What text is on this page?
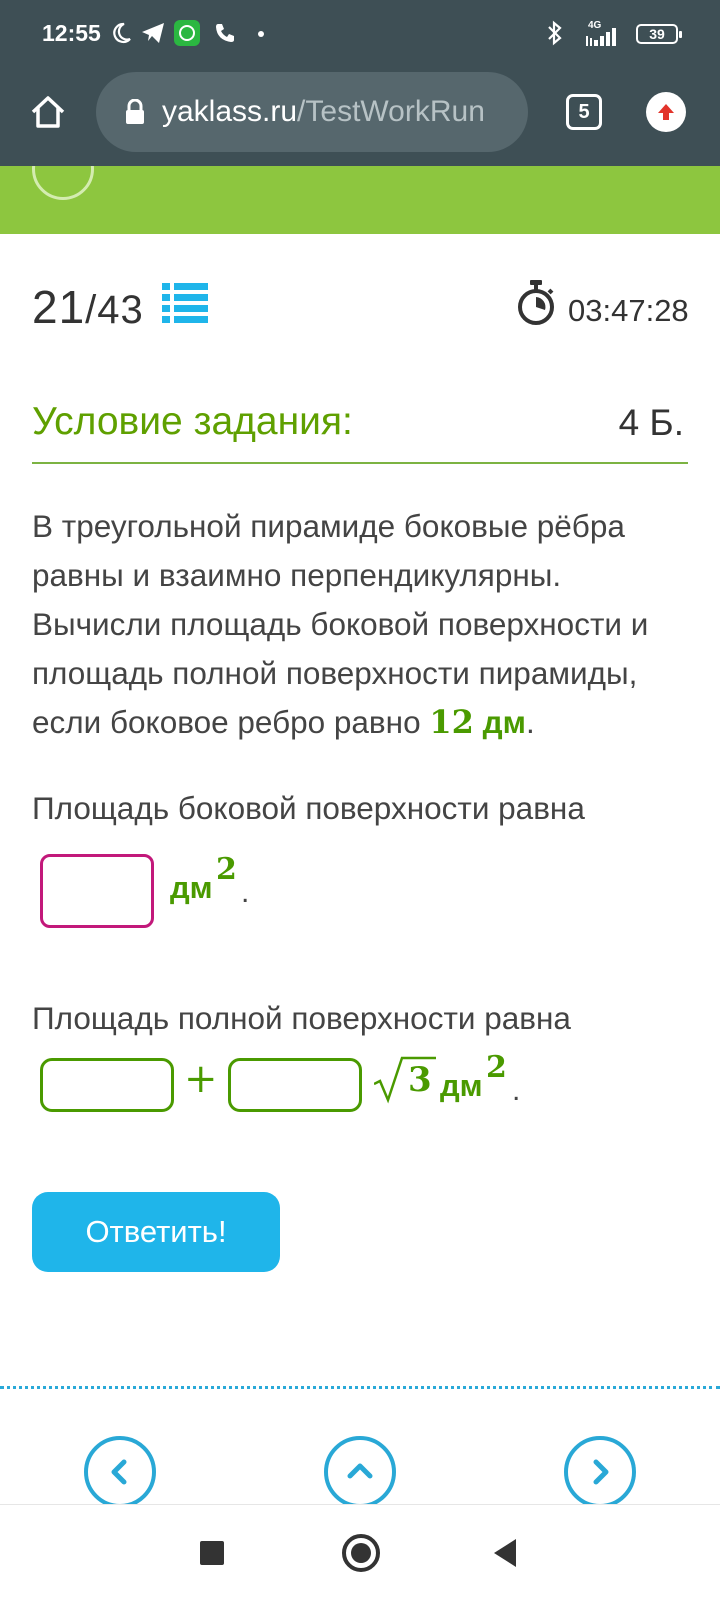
12:55	4G
39
yaklass.ru /TestWorkRun	5
21/43	03:47:28
Условие задания:	4 Б.
В треугольной пирамиде боковые рёбра равны и взаимно перпендикулярны. Вычисли площадь боковой поверхности и площадь полной поверхности пирамиды, если боковое ребро равно 12 дм.
Площадь боковой поверхности равна
дм
2
.
Площадь полной поверхности равна
+	3 дм
2
.
Ответить!
